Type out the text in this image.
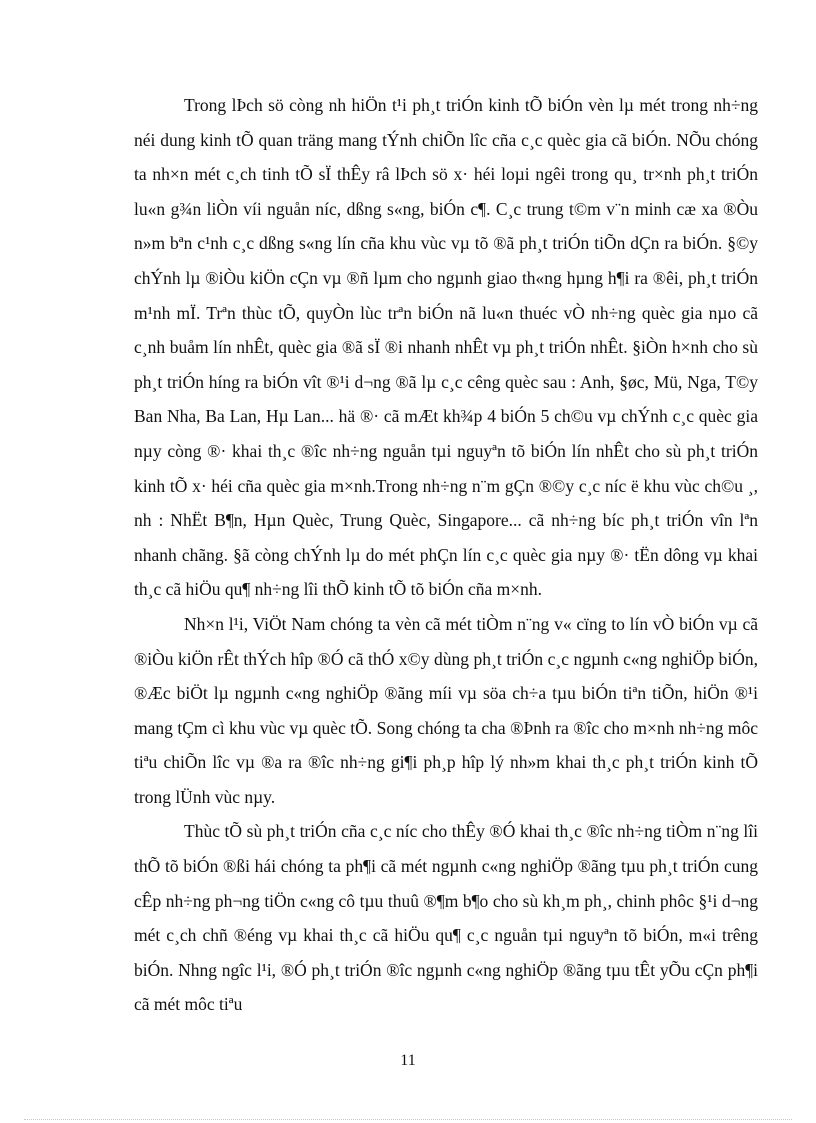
Trong lÞch sö còng nh hiÖn t¹i ph¸t triÓn kinh tÕ biÓn vèn lµ mét trong nh÷ng néi dung kinh tÕ quan träng mang tÝnh chiÕn lîc cña c¸c quèc gia cã biÓn. NÕu chóng ta nh×n mét c¸ch tinh tÕ sÏ thÊy râ lÞch sö x· héi loµi ngêi trong qu¸ tr×nh ph¸t triÓn lu«n g¾n liÒn víi nguån níc, dßng s«ng, biÓn c¶. C¸c trung t©m v¨n minh cæ xa ®Òu n»m bªn c¹nh c¸c dßng s«ng lín cña khu vùc vµ tõ ®ã ph¸t triÓn tiÕn dÇn ra biÓn. §©y chÝnh lµ ®iÒu kiÖn cÇn vµ ®ñ lµm cho ngµnh giao th«ng hµng h¶i ra ®êi, ph¸t triÓn m¹nh mÏ. Trªn thùc tÕ, quyÒn lùc trªn biÓn nã lu«n thuéc vÒ nh÷ng quèc gia nµo cã c¸nh buåm lín nhÊt, quèc gia ®ã sÏ ®i nhanh nhÊt vµ ph¸t triÓn nhÊt. §iÒn h×nh cho sù ph¸t triÓn híng ra biÓn vît ®¹i d¬ng ®ã lµ c¸c cêng quèc sau : Anh, §øc, Mü, Nga, T©y Ban Nha, Ba Lan, Hµ Lan... hä ®· cã mÆt kh¾p 4 biÓn 5 ch©u vµ chÝnh c¸c quèc gia nµy còng ®· khai th¸c ®îc nh÷ng nguån tµi nguyªn tõ biÓn lín nhÊt cho sù ph¸t triÓn kinh tÕ x· héi cña quèc gia m×nh.Trong nh÷ng n¨m gÇn ®©y c¸c níc ë khu vùc ch©u ¸, nh : NhËt B¶n, Hµn Quèc, Trung Quèc, Singapore... cã nh÷ng bíc ph¸t triÓn vîn lªn nhanh chãng. §ã còng chÝnh lµ do mét phÇn lín c¸c quèc gia nµy ®· tËn dông vµ khai th¸c cã hiÖu qu¶ nh÷ng lîi thÕ kinh tÕ tõ biÓn cña m×nh.

Nh×n l¹i, ViÖt Nam chóng ta vèn cã mét tiÒm n¨ng v« cïng to lín vÒ biÓn vµ cã ®iÒu kiÖn rÊt thÝch hîp ®Ó cã thÓ x©y dùng ph¸t triÓn c¸c ngµnh c«ng nghiÖp biÓn, ®Æc biÖt lµ ngµnh c«ng nghiÖp ®ãng míi vµ söa ch÷a tµu biÓn tiªn tiÕn, hiÖn ®¹i mang tÇm cì khu vùc vµ quèc tÕ. Song chóng ta cha ®Þnh ra ®îc cho m×nh nh÷ng môc tiªu chiÕn lîc vµ ®a ra ®îc nh÷ng gi¶i ph¸p hîp lý nh»m khai th¸c ph¸t triÓn kinh tÕ trong lÜnh vùc nµy.

Thùc tÕ sù ph¸t triÓn cña c¸c níc cho thÊy ®Ó khai th¸c ®îc nh÷ng tiÒm n¨ng lîi thÕ tõ biÓn ®ßi hái chóng ta ph¶i cã mét ngµnh c«ng nghiÖp ®ãng tµu ph¸t triÓn cung cÊp nh÷ng ph¬ng tiÖn c«ng cô tµu thuû ®¶m b¶o cho sù kh¸m ph¸, chinh phôc §¹i d¬ng mét c¸ch chñ ®éng vµ khai th¸c cã hiÖu qu¶ c¸c nguån tµi nguyªn tõ biÓn, m«i trêng biÓn. Nhng ngîc l¹i, ®Ó ph¸t triÓn ®îc ngµnh c«ng nghiÖp ®ãng tµu tÊt yÕu cÇn ph¶i cã mét môc tiªu

11
